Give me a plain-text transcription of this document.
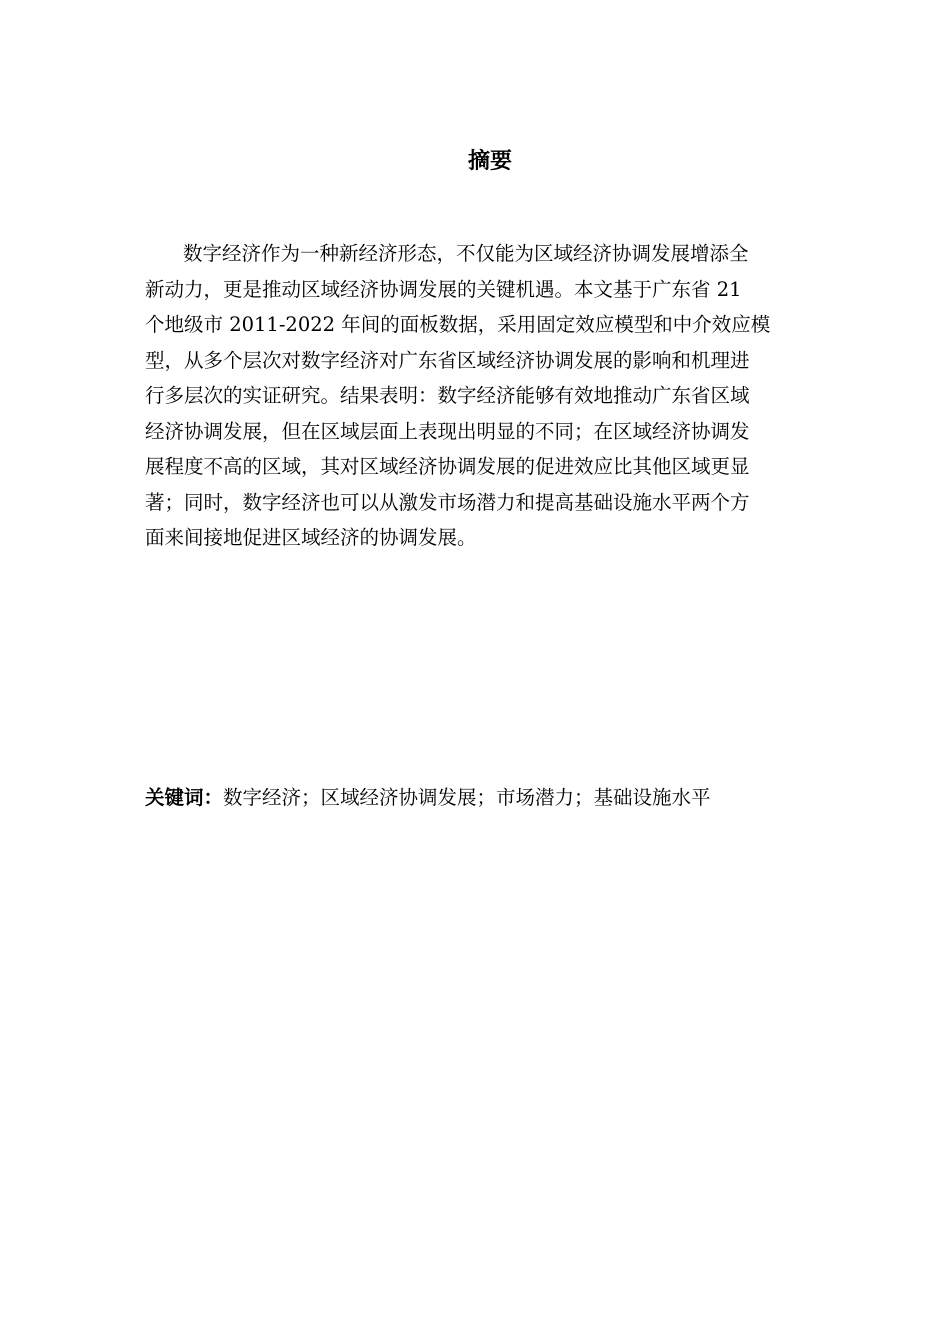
摘要
数字经济作为一种新经济形态，不仅能为区域经济协调发展增添全
新动力，更是推动区域经济协调发展的关键机遇。本文基于广东省 21
个地级市 2011-2022 年间的面板数据，采用固定效应模型和中介效应模
型，从多个层次对数字经济对广东省区域经济协调发展的影响和机理进
行多层次的实证研究。结果表明：数字经济能够有效地推动广东省区域
经济协调发展，但在区域层面上表现出明显的不同；在区域经济协调发
展程度不高的区域，其对区域经济协调发展的促进效应比其他区域更显
著；同时，数字经济也可以从激发市场潜力和提高基础设施水平两个方
面来间接地促进区域经济的协调发展。
关键词：数字经济；区域经济协调发展；市场潜力；基础设施水平
